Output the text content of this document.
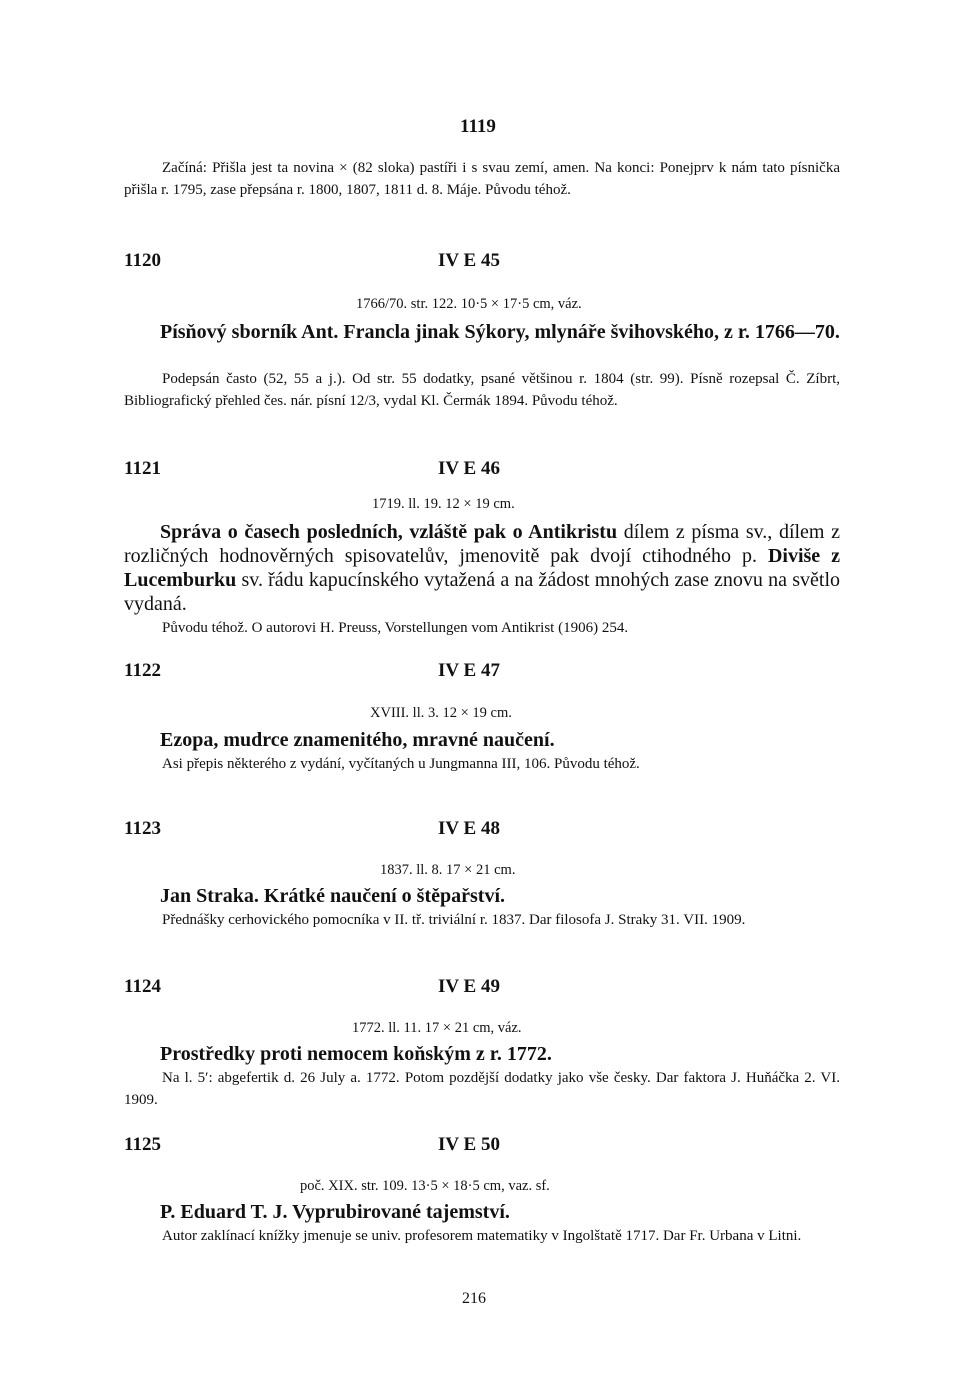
1119
Začíná: Přišla jest ta novina × (82 sloka) pastíři i s svau zemí, amen. Na konci: Ponejprv k nám tato písnička přišla r. 1795, zase přepsána r. 1800, 1807, 1811 d. 8. Máje. Původu téhož.
1120	IV E 45
1766/70. str. 122. 10·5 × 17·5 cm, váz.
Písňový sborník Ant. Francla jinak Sýkory, mlynáře švihovského, z r. 1766—70.
Podepsán často (52, 55 a j.). Od str. 55 dodatky, psané většinou r. 1804 (str. 99). Písně rozepsal Č. Zíbrt, Bibliografický přehled čes. nár. písní 12/3, vydal Kl. Čermák 1894. Původu téhož.
1121	IV E 46
1719. ll. 19. 12 × 19 cm.
Správa o časech posledních, vzláště pak o Antikristu dílem z písma sv., dílem z rozličných hodnověrných spisovatelův, jmenovitě pak dvojí ctihodného p. Diviše z Lucemburku sv. řádu kapucínského vytažená a na žádost mnohých zase znovu na světlo vydaná.
Původu téhož. O autorovi H. Preuss, Vorstellungen vom Antikrist (1906) 254.
1122	IV E 47
XVIII. ll. 3. 12 × 19 cm.
Ezopa, mudrce znamenitého, mravné naučení.
Asi přepis některého z vydání, vyčítaných u Jungmanna III, 106. Původu téhož.
1123	IV E 48
1837. ll. 8. 17 × 21 cm.
Jan Straka. Krátké naučení o štěpařství.
Přednášky cerhovického pomocníka v II. tř. triviální r. 1837. Dar filosofa J. Straky 31. VII. 1909.
1124	IV E 49
1772. ll. 11. 17 × 21 cm, váz.
Prostředky proti nemocem koňským z r. 1772.
Na l. 5′: abgefertik d. 26 July a. 1772. Potom pozdější dodatky jako vše česky. Dar faktora J. Huňáčka 2. VI. 1909.
1125	IV E 50
poč. XIX. str. 109. 13·5 × 18·5 cm, vaz. sf.
P. Eduard T. J. Vyprubirované tajemství.
Autor zaklínací knížky jmenuje se univ. profesorem matematiky v Ingolštatě 1717. Dar Fr. Urbana v Litni.
216
